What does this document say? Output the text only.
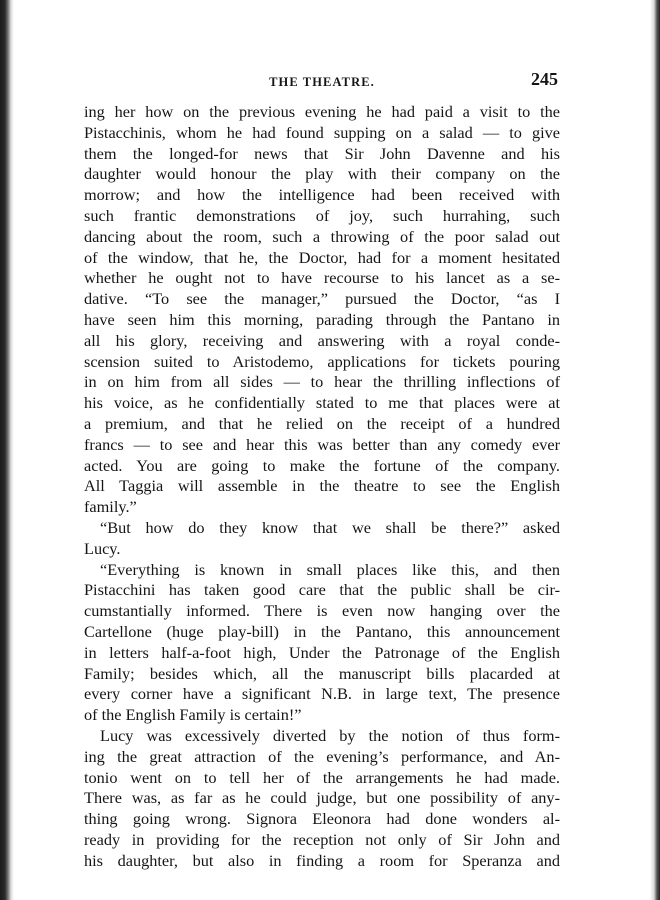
THE THEATRE.	245
ing her how on the previous evening he had paid a visit to the
Pistacchinis, whom he had found supping on a salad — to give
them the longed-for news that Sir John Davenne and his
daughter would honour the play with their company on the
morrow; and how the intelligence had been received with
such frantic demonstrations of joy, such hurrahing, such
dancing about the room, such a throwing of the poor salad out
of the window, that he, the Doctor, had for a moment hesitated
whether he ought not to have recourse to his lancet as a se-
dative. “To see the manager,” pursued the Doctor, “as I
have seen him this morning, parading through the Pantano in
all his glory, receiving and answering with a royal conde-
scension suited to Aristodemo, applications for tickets pouring
in on him from all sides — to hear the thrilling inflections of
his voice, as he confidentially stated to me that places were at
a premium, and that he relied on the receipt of a hundred
francs — to see and hear this was better than any comedy ever
acted. You are going to make the fortune of the company.
All Taggia will assemble in the theatre to see the English
family.”
“But how do they know that we shall be there?” asked
Lucy.
“Everything is known in small places like this, and then
Pistacchini has taken good care that the public shall be cir-
cumstantially informed. There is even now hanging over the
Cartellone (huge play-bill) in the Pantano, this announcement
in letters half-a-foot high, Under the Patronage of the English
Family; besides which, all the manuscript bills placarded at
every corner have a significant N.B. in large text, The presence
of the English Family is certain!”
Lucy was excessively diverted by the notion of thus form-
ing the great attraction of the evening’s performance, and An-
tonio went on to tell her of the arrangements he had made.
There was, as far as he could judge, but one possibility of any-
thing going wrong. Signora Eleonora had done wonders al-
ready in providing for the reception not only of Sir John and
his daughter, but also in finding a room for Speranza and
